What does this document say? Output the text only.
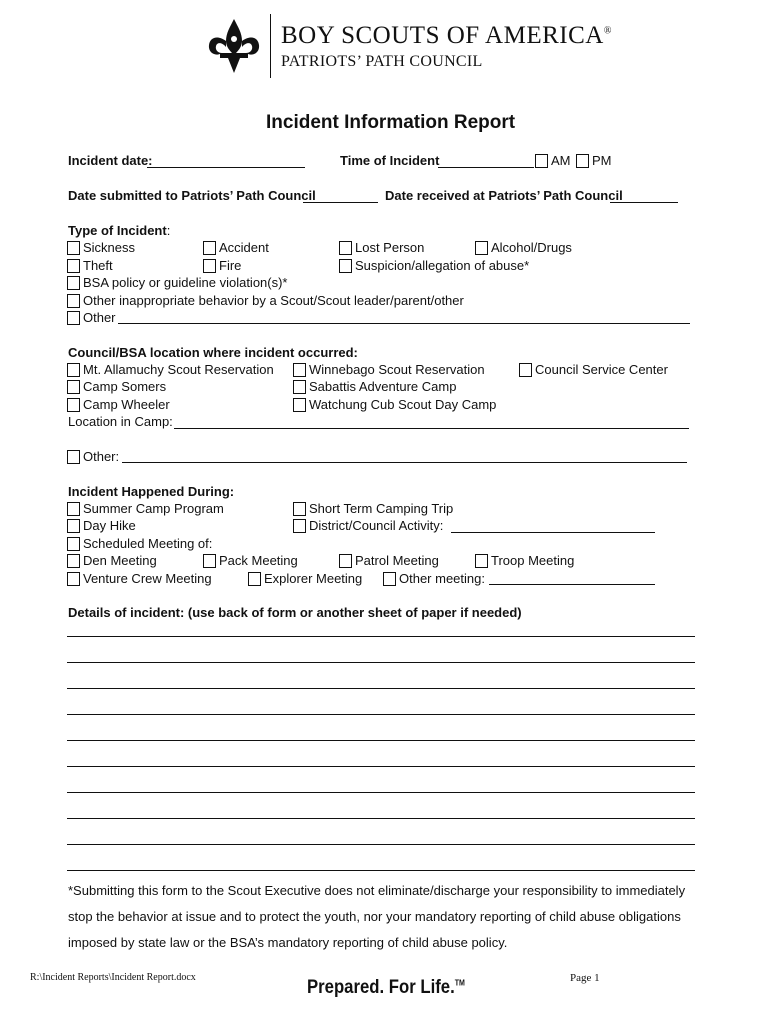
BOY SCOUTS OF AMERICA®
PATRIOTS’ PATH COUNCIL
Incident Information Report
Incident date:	Time of Incident	AM PM
Date submitted to Patriots’ Path Council	Date received at Patriots’ Path Council
Type of Incident:
Sickness	Accident	Lost Person	Alcohol/Drugs
Theft	Fire	Suspicion/allegation of abuse*
BSA policy or guideline violation(s)*
Other inappropriate behavior by a Scout/Scout leader/parent/other
Other
Council/BSA location where incident occurred:
Mt. Allamuchy Scout Reservation	Winnebago Scout Reservation	Council Service Center
Camp Somers	Sabattis Adventure Camp
Camp Wheeler	Watchung Cub Scout Day Camp
Location in Camp:
Other:
Incident Happened During:
Summer Camp Program	Short Term Camping Trip
Day Hike	District/Council Activity:
Scheduled Meeting of:
Den Meeting	Pack Meeting	Patrol Meeting	Troop Meeting
Venture Crew Meeting	Explorer Meeting	Other meeting:
Details of incident: (use back of form or another sheet of paper if needed)
*Submitting this form to the Scout Executive does not eliminate/discharge your responsibility to immediately
stop the behavior at issue and to protect the youth, nor your mandatory reporting of child abuse obligations
imposed by state law or the BSA’s mandatory reporting of child abuse policy.
R:\Incident Reports\Incident Report.docx	Prepared. For Life.™	Page 1
